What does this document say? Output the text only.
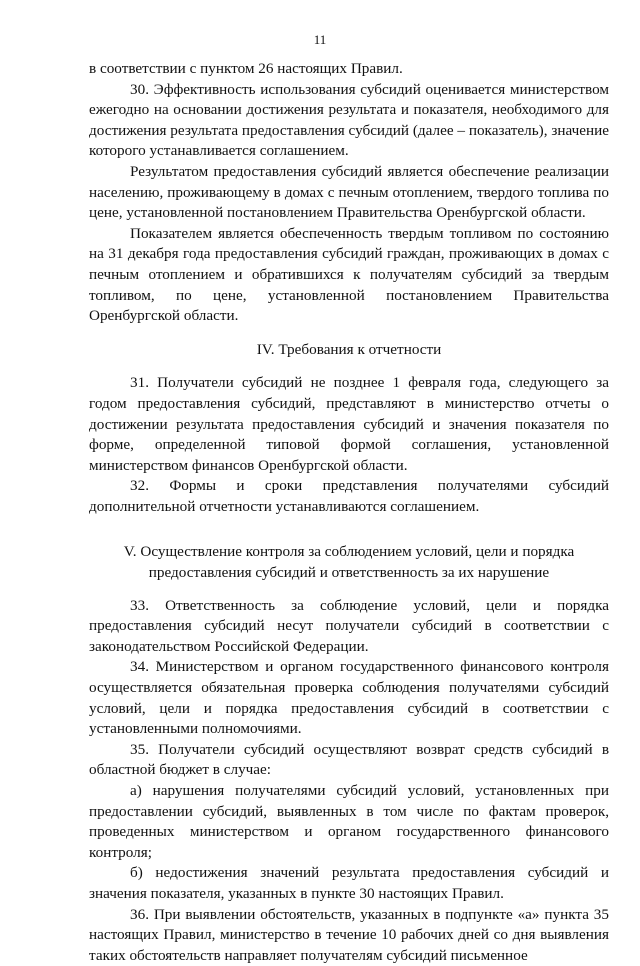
11

в соответствии с пунктом 26 настоящих Правил.

30. Эффективность использования субсидий оценивается министерством ежегодно на основании достижения результата и показателя, необходимого для достижения результата предоставления субсидий (далее – показатель), значение которого устанавливается соглашением.

Результатом предоставления субсидий является обеспечение реализации населению, проживающему в домах с печным отоплением, твердого топлива по цене, установленной постановлением Правительства Оренбургской области.

Показателем является обеспеченность твердым топливом по состоянию на 31 декабря года предоставления субсидий граждан, проживающих в домах с печным отоплением и обратившихся к получателям субсидий за твердым топливом, по цене, установленной постановлением Правительства Оренбургской области.

IV. Требования к отчетности

31. Получатели субсидий не позднее 1 февраля года, следующего за годом предоставления субсидий, представляют в министерство отчеты о достижении результата предоставления субсидий и значения показателя по форме, определенной типовой формой соглашения, установленной министерством финансов Оренбургской области.

32. Формы и сроки представления получателями субсидий дополнительной отчетности устанавливаются соглашением.

V. Осуществление контроля за соблюдением условий, цели и порядка

предоставления субсидий и ответственность за их нарушение

33. Ответственность за соблюдение условий, цели и порядка предоставления субсидий несут получатели субсидий в соответствии с законодательством Российской Федерации.

34. Министерством и органом государственного финансового контроля осуществляется обязательная проверка соблюдения получателями субсидий условий, цели и порядка предоставления субсидий в соответствии с установленными полномочиями.

35. Получатели субсидий осуществляют возврат средств субсидий в областной бюджет в случае:

а) нарушения получателями субсидий условий, установленных при предоставлении субсидий, выявленных в том числе по фактам проверок, проведенных министерством и органом государственного финансового контроля;

б) недостижения значений результата предоставления субсидий и значения показателя, указанных в пункте 30 настоящих Правил.

36. При выявлении обстоятельств, указанных в подпункте «а» пункта 35 настоящих Правил, министерство в течение 10 рабочих дней со дня выявления таких обстоятельств направляет получателям субсидий письменное
